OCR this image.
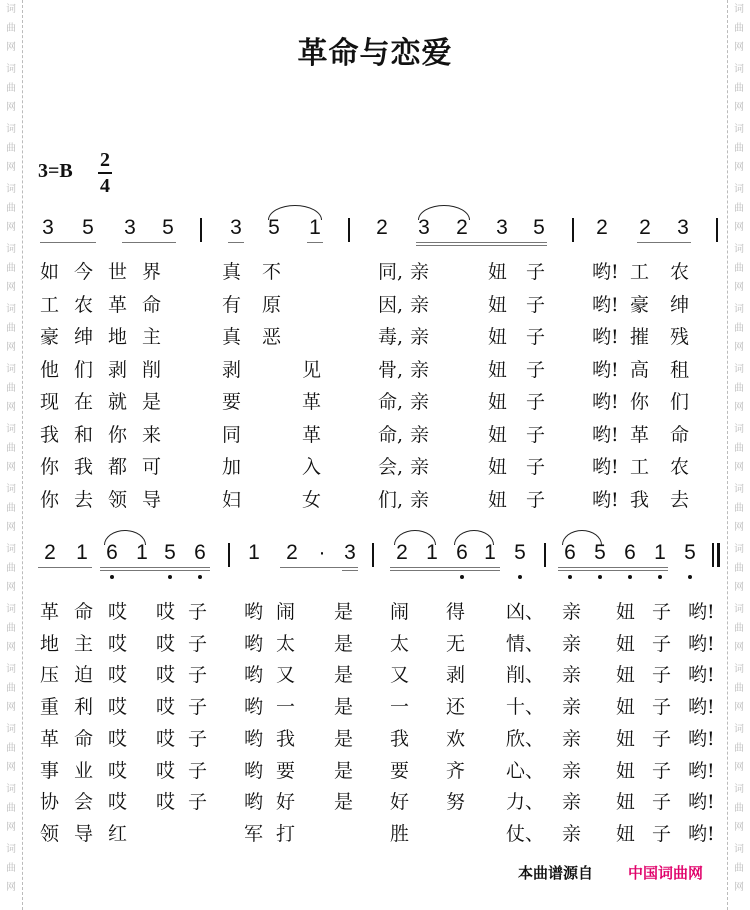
革命与恋爱
3=B 2
4
本曲谱源自 中国词曲网
词
曲
网
词
曲
网
词
曲
网
词
曲
网
词
曲
网
词
曲
网
词
曲
网
词
曲
网
词
曲
网
词
曲
网
词
曲
网
词
曲
网
词
曲
网
词
曲
网
词
曲
网
词
曲
网
词
曲
网
词
曲
网
词
曲
网
词
曲
网
词
曲
网
词
曲
网
词
曲
网
词
曲
网
词
曲
网
词
曲
网
词
曲
网
词
曲
网
词
曲
网
词
曲
网
3 5 3 5	3 5 1	2 3 2 3 5 2 2 3
2 1 6 1 5 6 1 2 · 3 2 1 6 1 5 6 5 6 1 5
如 今 世 界	真 不	同, 亲	妞 子 哟! 工 农
工 农 革 命	有 原	因, 亲	妞 子 哟! 豪 绅
豪 绅 地 主	真 恶	毒, 亲	妞 子 哟! 摧 残
他 们 剥 削	剥	见	骨, 亲	妞 子 哟! 高 租
现 在 就 是	要	革	命, 亲	妞 子 哟! 你 们
我 和 你 来	同	革	命, 亲	妞 子 哟! 革 命
你 我 都 可	加	入	会, 亲	妞 子 哟! 工 农
你 去 领 导	妇	女	们, 亲	妞 子 哟! 我 去
革 命 哎 哎 子 哟 闹 是 闹 得 凶、 亲 妞 子 哟!
地 主 哎 哎 子 哟 太 是 太 无 情、 亲 妞 子 哟!
压 迫 哎 哎 子 哟 又 是 又 剥 削、 亲 妞 子 哟!
重 利 哎 哎 子 哟 一 是 一 还 十、 亲 妞 子 哟!
革 命 哎 哎 子 哟 我 是 我 欢 欣、 亲 妞 子 哟!
事 业 哎 哎 子 哟 要 是 要 齐 心、 亲 妞 子 哟!
协 会 哎 哎 子 哟 好 是 好 努 力、 亲 妞 子 哟!
领 导 红	军 打	胜	仗、 亲 妞 子 哟!
